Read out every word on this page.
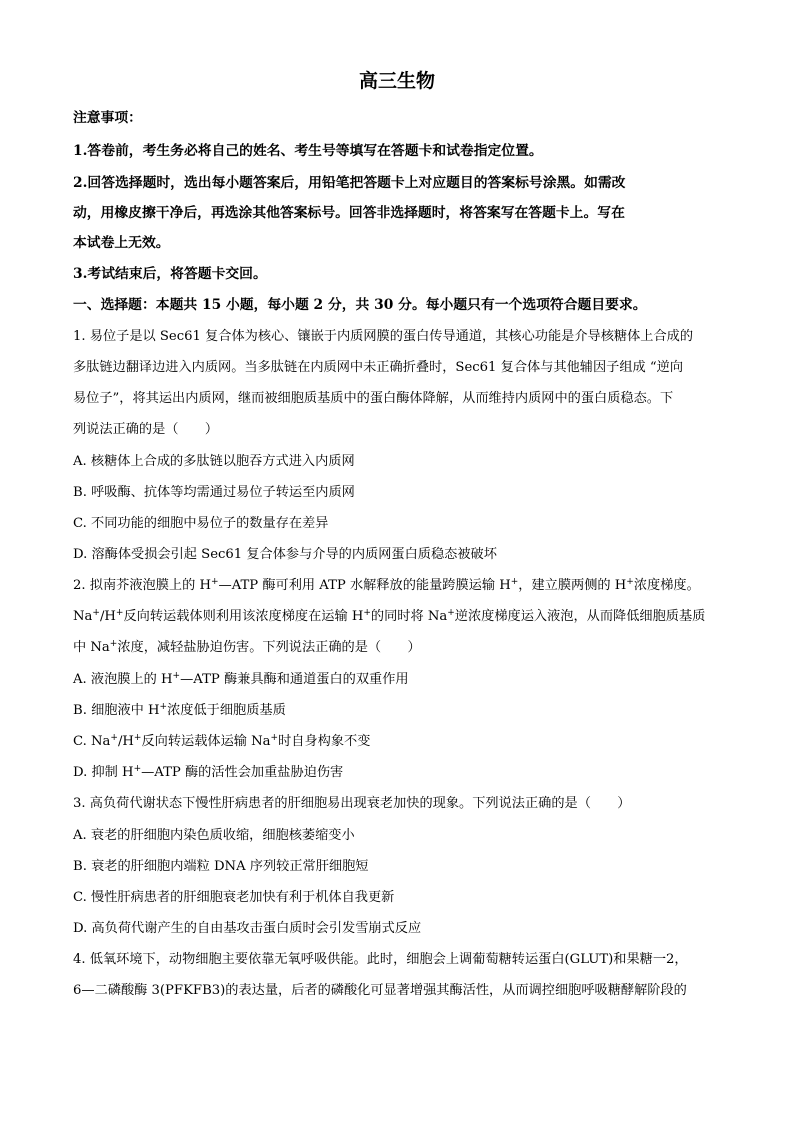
高三生物
注意事项：
1.答卷前，考生务必将自己的姓名、考生号等填写在答题卡和试卷指定位置。
2.回答选择题时，选出每小题答案后，用铅笔把答题卡上对应题目的答案标号涂黑。如需改
动，用橡皮擦干净后，再选涂其他答案标号。回答非选择题时，将答案写在答题卡上。写在
本试卷上无效。
3.考试结束后，将答题卡交回。
一、选择题：本题共 15 小题，每小题 2 分，共 30 分。每小题只有一个选项符合题目要求。
1. 易位子是以 Sec61 复合体为核心、镶嵌于内质网膜的蛋白传导通道，其核心功能是介导核糖体上合成的
多肽链边翻译边进入内质网。当多肽链在内质网中未正确折叠时，Sec61 复合体与其他辅因子组成 “逆向
易位子”，将其运出内质网，继而被细胞质基质中的蛋白酶体降解，从而维持内质网中的蛋白质稳态。下
列说法正确的是（　　）
A. 核糖体上合成的多肽链以胞吞方式进入内质网
B. 呼吸酶、抗体等均需通过易位子转运至内质网
C. 不同功能的细胞中易位子的数量存在差异
D. 溶酶体受损会引起 Sec61 复合体参与介导的内质网蛋白质稳态被破坏
2. 拟南芥液泡膜上的 H+—ATP 酶可利用 ATP 水解释放的能量跨膜运输 H+，建立膜两侧的 H+浓度梯度。
Na+/H+反向转运载体则利用该浓度梯度在运输 H+的同时将 Na+逆浓度梯度运入液泡，从而降低细胞质基质
中 Na+浓度，减轻盐胁迫伤害。下列说法正确的是（　　）
A. 液泡膜上的 H+—ATP 酶兼具酶和通道蛋白的双重作用
B. 细胞液中 H+浓度低于细胞质基质
C. Na+/H+反向转运载体运输 Na+时自身构象不变
D. 抑制 H+—ATP 酶的活性会加重盐胁迫伤害
3. 高负荷代谢状态下慢性肝病患者的肝细胞易出现衰老加快的现象。下列说法正确的是（　　）
A. 衰老的肝细胞内染色质收缩，细胞核萎缩变小
B. 衰老的肝细胞内端粒 DNA 序列较正常肝细胞短
C. 慢性肝病患者的肝细胞衰老加快有利于机体自我更新
D. 高负荷代谢产生的自由基攻击蛋白质时会引发雪崩式反应
4. 低氧环境下，动物细胞主要依靠无氧呼吸供能。此时，细胞会上调葡萄糖转运蛋白(GLUT)和果糖一2，
6—二磷酸酶 3(PFKFB3)的表达量，后者的磷酸化可显著增强其酶活性，从而调控细胞呼吸糖酵解阶段的
